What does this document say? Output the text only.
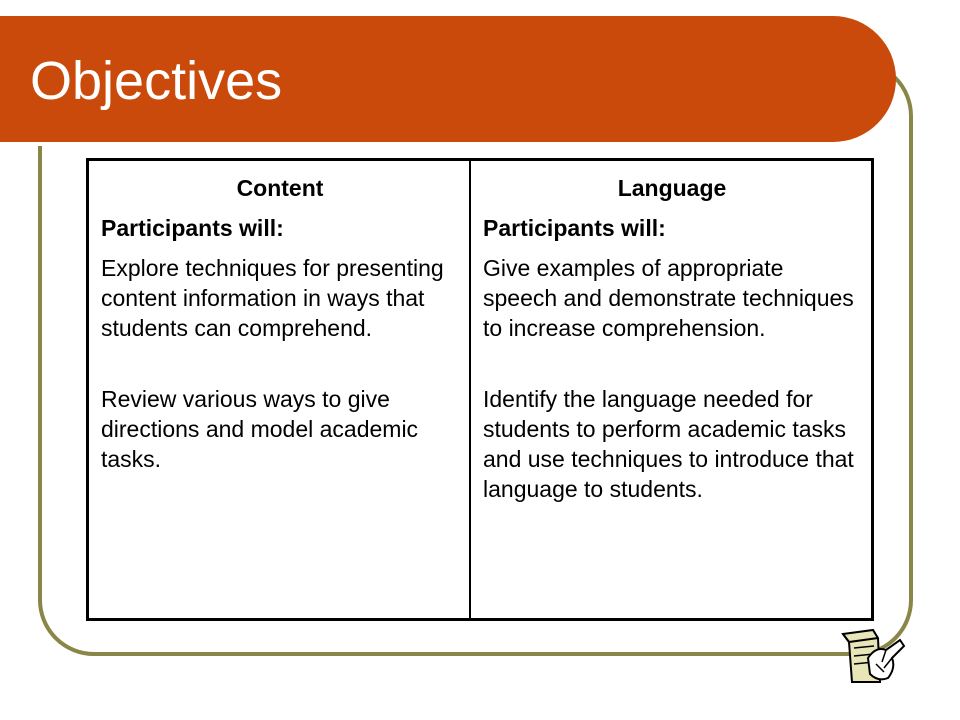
Objectives

Content

Participants will:

Explore techniques for presenting content information in ways that students can comprehend.

Review various ways to give directions and model academic tasks.

Language

Participants will:

Give examples of appropriate speech and demonstrate techniques to increase comprehension.

Identify the language needed for students to perform academic tasks and use techniques to introduce that language to students.
